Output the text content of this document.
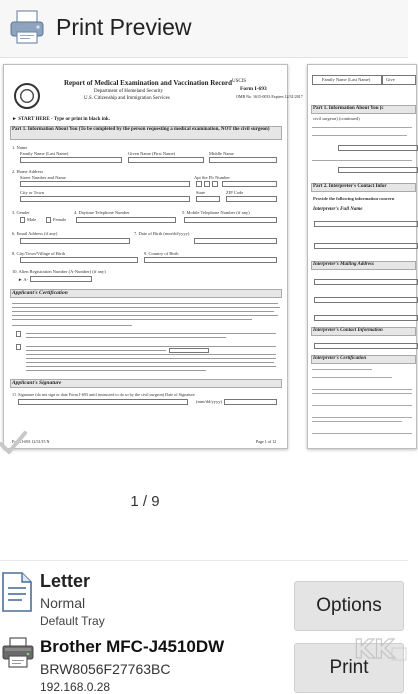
Print Preview
Report of Medical Examination and Vaccination Record
Department of Homeland Security
U.S. Citizenship and Immigration Services
USCIS
Form I-693
OMB No. 1615-0033 Expires 12/31/2017
► START HERE - Type or print in black ink.
Part 1. Information About You (To be completed by the person requesting a medical examination, NOT the civil surgeon)
1. Name
Family Name (Last Name)	Given Name (First Name)	Middle Name
2. Home Address
Street Number and Name	Apt Ste Flr Number
City or Town	State	ZIP Code
3. Gender
Male	Female
4. Daytime Telephone Number	5. Mobile Telephone Number (if any)
6. Email Address (if any)	7. Date of Birth (mm/dd/yyyy)
8. City/Town/Village of Birth	9. Country of Birth
10. Alien Registration Number (A-Number) (if any)
► A-
Applicant's Certification
Applicant's Signature
11. Signature (do not sign or date Form I-693 until instructed to do so by the civil surgeon) Date of Signature
(mm/dd/yyyy)
Form I-693 12/31/15 N	Page 1 of 12
Family Name (Last Name)	Give
Part 1. Information About You (c
civil surgeon) (continued)
Part 2. Interpreter's Contact Infor
Provide the following information concern
Interpreter's Full Name
Interpreter's Mailing Address
Interpreter's Contact Information
Interpreter's Certification
1 / 9
Letter
Normal
Default Tray
Options
Brother MFC-J4510DW
BRW8056F27763BC
192.168.0.28
Print
KK
